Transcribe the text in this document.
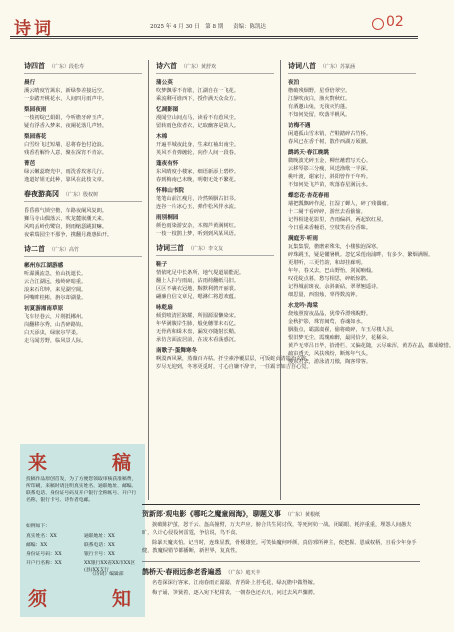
诗词	2025 年 4 月 30 日　第 8 期 责编：陈凯达	02
诗四首 （广东）段松寿
晨行
溪云晴度竹篱东，新绿参差接远空。
一步踏开桃花水，人间四月雨声中。
梨园夜雨
一枝初绽已娟娟，今听檐牙碎玉声。
疑有浮香入梦来，夜阑花落几声轻。
梨园落花
白雪纷飞过短墙，忍将春色付沧浪。
残香若解怜人意，聚在深宵不肯凉。
菁芭
绿云嫩蕊晓光中，雨洗香玫寒几行。
逸道好姐无此种，靠风在此枝文章。
春夜游高冈 （广东）殷权树
昏昏暮气锁空檐，车路夜阑风复朗。
狮马寺山偶落云，吹龙麓嵌潮天来。
风鸣丢岭伤鹭窃，倒雨缩瑟跳鼓嘛。
夜萦瑞园尘不那争，携翻月鹿惠仙开。
诗二首 （广东）高竹
郴州东江湖游感
听瀑溪流急，鱼山抚遮长。
云合江湖远，烛岭碎暗重。
浪来石印钟，来见湖空阔。
阿嘴眸桂彬，旃尔却湖量。
初夏游湘南草原
飞车径巷云，片削抵郴州。
岗翻移尔秀，山苦碎路钩。
白天添虫，绿嵌尔罕柔。
走马闻芳野，临风景人际。
诗六首 （广东）黄舒欢
蒲公英
吹梦飘零不肯歇，江湖自在一飞花。
乘流剩可谁西下，授作满天众众方。
忆凋影图
漫闻空山间点马，读看不有惹风尘。
留转雨色依者衣，记取幽客是故人。
木棉
开遍羊城夜此身，生来红袖出南尘。
英风不肯弹缠轮，向作人间一段春。
蓬夜有怀
东风晴度小楼家，细语新添上碧纱。
春到梅南已未晚，明朝无处不繁花。
怀韩山书院
笔笔山前江瘦月，冷然频胭古旧书。
连谷一片冰心玉，弹作松风伴水流。
雨别桐园
颜色雨染游安杂，木棉芦黄满树红。
一枝一枝鹊上梦，听到到风某风语。
诗词三首 （广东）李文友
鞋子
情依叱足中长条所，地气堤道崩能泥。
翻上人扫与雨扇，沽雨荷翻纸马旧。
区区不裹衣冠地，黥默利骋开丽裳。
翩廉自信文章兄，嗯淋仁将恩欢蕴。
咏乾扇
倾贸喷清匠路耀，所圆源湿懒染宋。
年华满腹岸生肺，般免穗罪未石亿。
无骨药和缉木盘，漏发亦随射长鞘。
承仿含面流居前，在凌木看荡惑沉。
南歌子·蛋舞寒冬
啊漠西风紧，蒸薇百卉枯。扦尘素净覆层层，可饭蛇贞清影冶玄蛇。
岁尽无迎到，冬寒更觅时，寸心自嫌不辞辛，一任霸辛如吉自心觉。
诗词八首 （广东）苏篆涵
夜泊
橹破残烟野，星垂倍翠空。
江静吹夜白，渔火赘秋红。
有酒邀山兔，无筏灭钓蓬。
不知何处留，吹落半帆风。
访梅不遇
闲遣孤山雪未销，芒鞋踏碎古竹桥。
春风已在香千树，散作西湖万顷潮。
鹧鸪天·春江晚眺
微晚波光碎玉金，柳丝蘸碧写天心。
云移琴影三分瘦，风送渔歌一半深。
桃叶渡，谢家行，斜阳曾作千年吟。
不知何处飞芦苗，吹落春星满沅水。
蝶恋花·杏花春雨
墙把瓢飘碎作泥，扛湿了蝉人，碎了残偶瘤。
十二阑干看碎碎，游丝去看偷偷。
记得相逢花影里，杏雨偏斜，两起软红屋。
今日重来香幢语，空枝笑看分香昧。
满庭芳·听雨
瓦集集裂，檐磨索殊朱，小楼独泡深寒。
碎珠跳玉，疑是髅暑帆。忽忆采莲南浦畔，有多少、繁烟满堰。
更堪听，三更竹韵，和却挂廊明。
年年，春又去，巴山野怡，剑闻喃翰。
叹花绽点暮，愁写相思，碎纸惊鹃。
记得城前斑夜，余斜新砧，翠翠翘遥诗。
细思量，西窗烛，辜得数流钟。
水龙吟·海棠
烧烛照窗夜晶晶，犹带乔漂残睨野。
金秋护影，珠宵闽莺，春魂如水。
胭脂点，霸露虞翟，偷将破碎，车玉尽楼人泪。
恨旧梦无尘，霞瑰痴醉，最同恰夕，花稀朵。
黄芦无辜吕日毕，拾滑栏、又偏花随，云尽味浑，黄苏在晶，都成缭惜。
疏帘透天，风扶残纷，断炼年气头。
慢东君去，游泳清刀傲，陶客带客。
来	稿
投稿作品原创首发，为了方便您领取审核获准稿费，所印刷，来稿时请注明真实姓名、通联地址、邮编、联系电话、身份证号码及开户银行全称帐号、开户行名称，银行卡号、诗作者电邮。
如例如下：
真实姓名：XX	通联地址：XX
邮编：XX	联系电话：XX
身份证号码：XX	银行卡号：XX
开户行名称：XX	XX银行XX省XX市XX区(县)XX支行
《诗词》编辑部
须	知
贺新郎·观电影《哪吒之魔童闹海》，聊题义事 （广东）黄根纸
捩破陈护茧，怒千云、盔高撞臂，万夫声应。膀合共生同讨伐，等死何妨一战。闭霸眼、耗淬重重，埋怨人间愚夫旷，久计心侵役何雷霆，争信说，鸟不食。
除暴天魔夹怕。记当时，连珠显教，骨梗雄狂。可笑仙魔何呼颜，真俗邪所神主，便把握、恩威权柄，且看少年身手健，教魔棂错节都播断，新世界，复真性。
鹊桥天·春雨远参老香遍悉 （广东）庭天丰
名卷深深行客家，江南春雨正潺潺，青苔卧上苔毛花，绿瓦檐中做脊嫁。
梅子诵，笋簧着，逐入宛下杞柑表，一朝春色还衣凡，问过去风声骤骋。
